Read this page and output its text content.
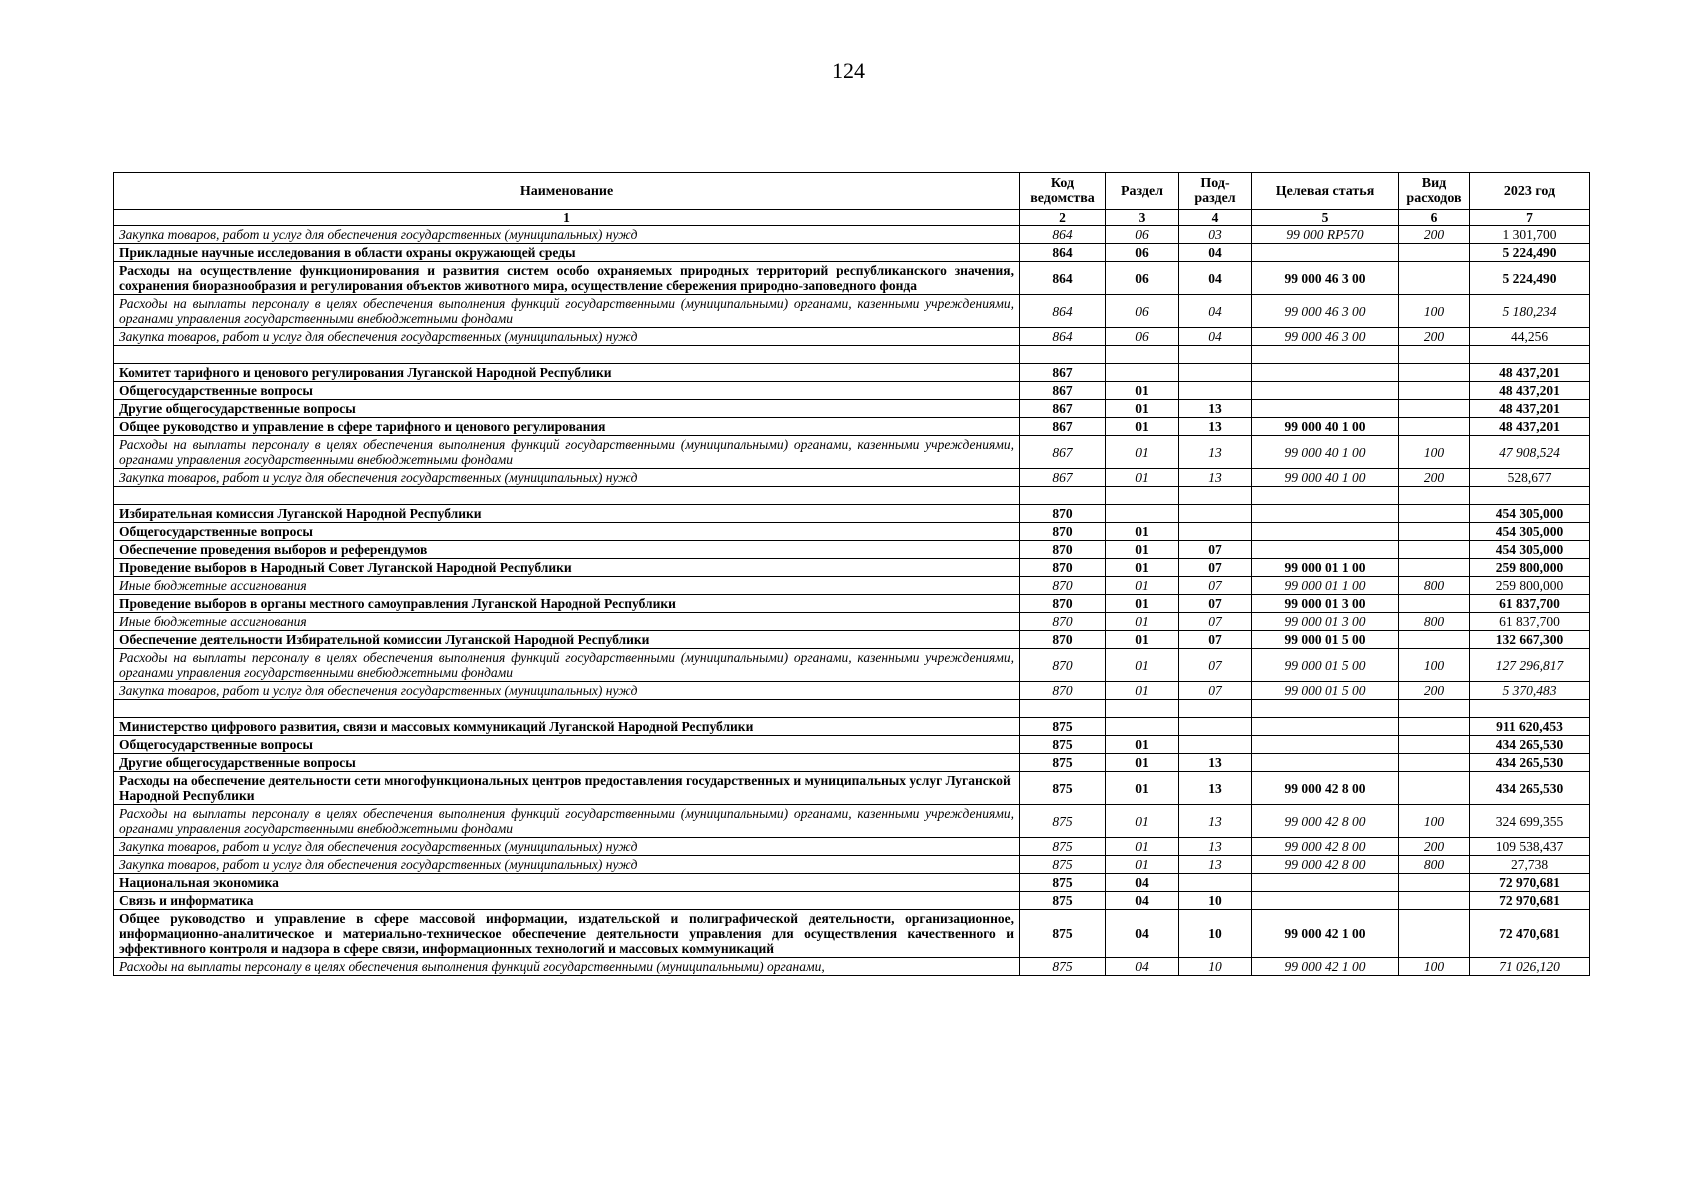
124
Наименование	Код ведомства	Раздел	Под-раздел	Целевая статья	Вид расходов	2023 год
1	2	3	4	5	6	7
Закупка товаров, работ и услуг для обеспечения государственных (муниципальных) нужд	864	06	03	99 000 RP570	200	1 301,700
Прикладные научные исследования в области охраны окружающей среды	864	06	04			5 224,490
Расходы на осуществление функционирования и развития систем особо охраняемых природных территорий республиканского значения, сохранения биоразнообразия и регулирования объектов животного мира, осуществление сбережения природно-заповедного фонда	864	06	04	99 000 46 3 00		5 224,490
Расходы на выплаты персоналу в целях обеспечения выполнения функций государственными (муниципальными) органами, казенными учреждениями, органами управления государственными внебюджетными фондами	864	06	04	99 000 46 3 00	100	5 180,234
Закупка товаров, работ и услуг для обеспечения государственных (муниципальных) нужд	864	06	04	99 000 46 3 00	200	44,256

Комитет тарифного и ценового регулирования Луганской Народной Республики	867					48 437,201
Общегосударственные вопросы	867	01				48 437,201
Другие общегосударственные вопросы	867	01	13			48 437,201
Общее руководство и управление в сфере тарифного и ценового регулирования	867	01	13	99 000 40 1 00		48 437,201
Расходы на выплаты персоналу в целях обеспечения выполнения функций государственными (муниципальными) органами, казенными учреждениями, органами управления государственными внебюджетными фондами	867	01	13	99 000 40 1 00	100	47 908,524
Закупка товаров, работ и услуг для обеспечения государственных (муниципальных) нужд	867	01	13	99 000 40 1 00	200	528,677

Избирательная комиссия Луганской Народной Республики	870					454 305,000
Общегосударственные вопросы	870	01				454 305,000
Обеспечение проведения выборов и референдумов	870	01	07			454 305,000
Проведение выборов в Народный Совет Луганской Народной Республики	870	01	07	99 000 01 1 00		259 800,000
Иные бюджетные ассигнования	870	01	07	99 000 01 1 00	800	259 800,000
Проведение выборов в органы местного самоуправления Луганской Народной Республики	870	01	07	99 000 01 3 00		61 837,700
Иные бюджетные ассигнования	870	01	07	99 000 01 3 00	800	61 837,700
Обеспечение деятельности Избирательной комиссии Луганской Народной Республики	870	01	07	99 000 01 5 00		132 667,300
Расходы на выплаты персоналу в целях обеспечения выполнения функций государственными (муниципальными) органами, казенными учреждениями, органами управления государственными внебюджетными фондами	870	01	07	99 000 01 5 00	100	127 296,817
Закупка товаров, работ и услуг для обеспечения государственных (муниципальных) нужд	870	01	07	99 000 01 5 00	200	5 370,483

Министерство цифрового развития, связи и массовых коммуникаций Луганской Народной Республики	875					911 620,453
Общегосударственные вопросы	875	01				434 265,530
Другие общегосударственные вопросы	875	01	13			434 265,530
Расходы на обеспечение деятельности сети многофункциональных центров предоставления государственных и муниципальных услуг Луганской Народной Республики	875	01	13	99 000 42 8 00		434 265,530
Расходы на выплаты персоналу в целях обеспечения выполнения функций государственными (муниципальными) органами, казенными учреждениями, органами управления государственными внебюджетными фондами	875	01	13	99 000 42 8 00	100	324 699,355
Закупка товаров, работ и услуг для обеспечения государственных (муниципальных) нужд	875	01	13	99 000 42 8 00	200	109 538,437
Закупка товаров, работ и услуг для обеспечения государственных (муниципальных) нужд	875	01	13	99 000 42 8 00	800	27,738
Национальная экономика	875	04				72 970,681
Связь и информатика	875	04	10			72 970,681
Общее руководство и управление в сфере массовой информации, издательской и полиграфической деятельности, организационное, информационно-аналитическое и материально-техническое обеспечение деятельности управления для осуществления качественного и эффективного контроля и надзора в сфере связи, информационных технологий и массовых коммуникаций	875	04	10	99 000 42 1 00		72 470,681
Расходы на выплаты персоналу в целях обеспечения выполнения функций государственными (муниципальными) органами,	875	04	10	99 000 42 1 00	100	71 026,120
